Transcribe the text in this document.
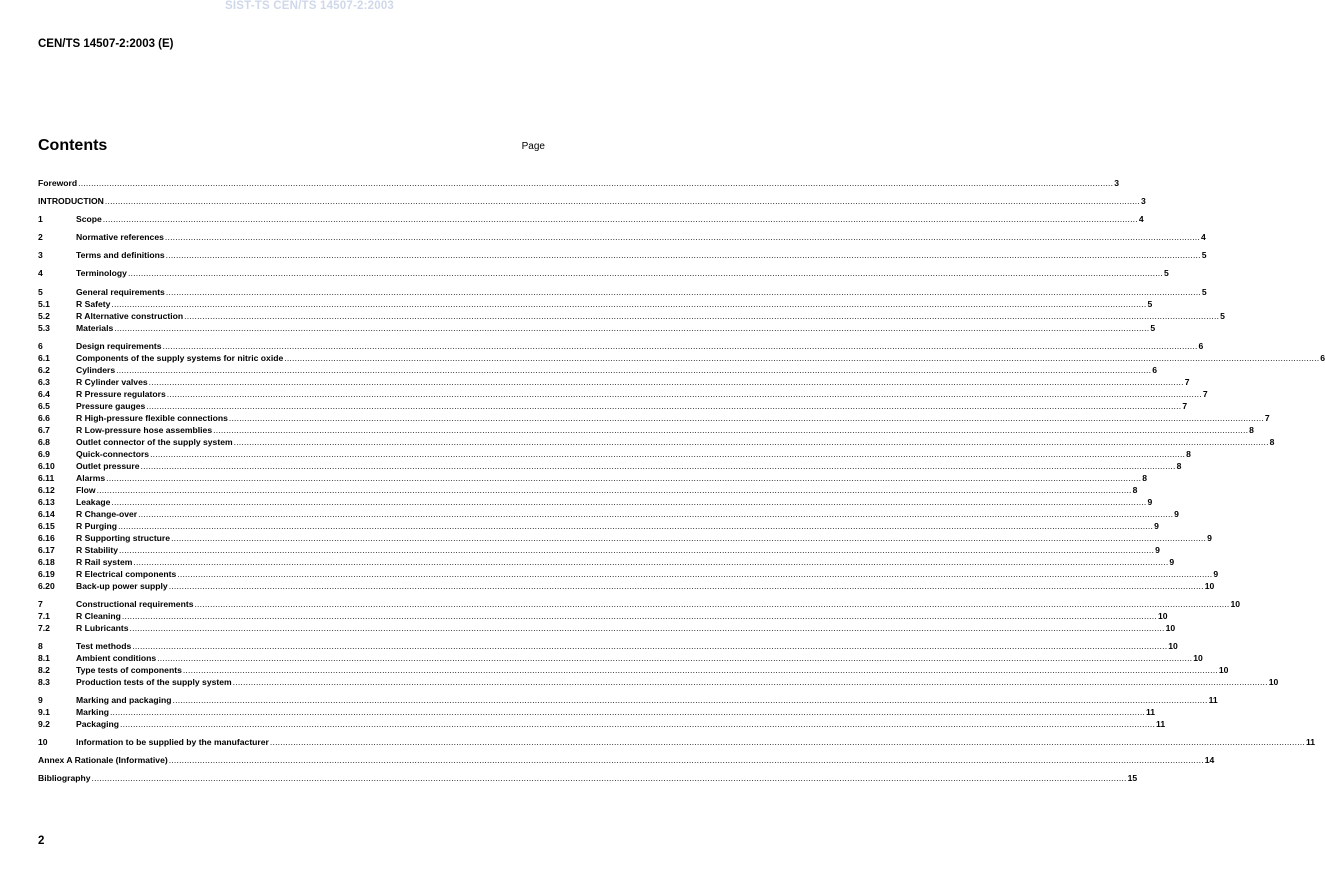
SIST-TS CEN/TS 14507-2:2003
CEN/TS 14507-2:2003 (E)
Contents	Page
Foreword ................................................................................................................................................................................................................................................................................................................................................................................................................ 3
INTRODUCTION ................................................................................................................................................................................................................................................................................................................................................................................................................ 3
1	Scope ................................................................................................................................................................................................................................................................................................................................................................................................................ 4
2	Normative references ................................................................................................................................................................................................................................................................................................................................................................................................................ 4
3	Terms and definitions ................................................................................................................................................................................................................................................................................................................................................................................................................ 5
4	Terminology ................................................................................................................................................................................................................................................................................................................................................................................................................ 5
5	General requirements ................................................................................................................................................................................................................................................................................................................................................................................................................ 5
5.1	R Safety ................................................................................................................................................................................................................................................................................................................................................................................................................ 5
5.2	R Alternative construction ................................................................................................................................................................................................................................................................................................................................................................................................................ 5
5.3	Materials ................................................................................................................................................................................................................................................................................................................................................................................................................ 5
6	Design requirements ................................................................................................................................................................................................................................................................................................................................................................................................................ 6
6.1	Components of the supply systems for nitric oxide ................................................................................................................................................................................................................................................................................................................................................................................................................ 6
6.2	Cylinders ................................................................................................................................................................................................................................................................................................................................................................................................................ 6
6.3	R Cylinder valves ................................................................................................................................................................................................................................................................................................................................................................................................................ 7
6.4	R Pressure regulators ................................................................................................................................................................................................................................................................................................................................................................................................................ 7
6.5	Pressure gauges ................................................................................................................................................................................................................................................................................................................................................................................................................ 7
6.6	R High-pressure flexible connections ................................................................................................................................................................................................................................................................................................................................................................................................................ 7
6.7	R Low-pressure hose assemblies ................................................................................................................................................................................................................................................................................................................................................................................................................ 8
6.8	Outlet connector of the supply system ................................................................................................................................................................................................................................................................................................................................................................................................................ 8
6.9	Quick-connectors ................................................................................................................................................................................................................................................................................................................................................................................................................ 8
6.10 Outlet pressure ................................................................................................................................................................................................................................................................................................................................................................................................................ 8
6.11	Alarms ................................................................................................................................................................................................................................................................................................................................................................................................................ 8
6.12 Flow ................................................................................................................................................................................................................................................................................................................................................................................................................ 8
6.13 Leakage ................................................................................................................................................................................................................................................................................................................................................................................................................ 9
6.14 R Change-over ................................................................................................................................................................................................................................................................................................................................................................................................................ 9
6.15 R Purging ................................................................................................................................................................................................................................................................................................................................................................................................................ 9
6.16 R Supporting structure ................................................................................................................................................................................................................................................................................................................................................................................................................ 9
6.17 R Stability ................................................................................................................................................................................................................................................................................................................................................................................................................ 9
6.18 R Rail system ................................................................................................................................................................................................................................................................................................................................................................................................................ 9
6.19 R Electrical components ................................................................................................................................................................................................................................................................................................................................................................................................................ 9
6.20 Back-up power supply ................................................................................................................................................................................................................................................................................................................................................................................................................ 10
7	Constructional requirements ................................................................................................................................................................................................................................................................................................................................................................................................................ 10
7.1	R Cleaning ................................................................................................................................................................................................................................................................................................................................................................................................................ 10
7.2	R Lubricants ................................................................................................................................................................................................................................................................................................................................................................................................................ 10
8	Test methods ................................................................................................................................................................................................................................................................................................................................................................................................................ 10
8.1	Ambient conditions ................................................................................................................................................................................................................................................................................................................................................................................................................ 10
8.2	Type tests of components ................................................................................................................................................................................................................................................................................................................................................................................................................ 10
8.3	Production tests of the supply system ................................................................................................................................................................................................................................................................................................................................................................................................................ 10
9	Marking and packaging ................................................................................................................................................................................................................................................................................................................................................................................................................ 11
9.1	Marking ................................................................................................................................................................................................................................................................................................................................................................................................................ 11
9.2	Packaging ................................................................................................................................................................................................................................................................................................................................................................................................................ 11
10	Information to be supplied by the manufacturer ................................................................................................................................................................................................................................................................................................................................................................................................................ 11
Annex A Rationale (Informative) ................................................................................................................................................................................................................................................................................................................................................................................................................ 14
Bibliography ................................................................................................................................................................................................................................................................................................................................................................................................................ 15
2
